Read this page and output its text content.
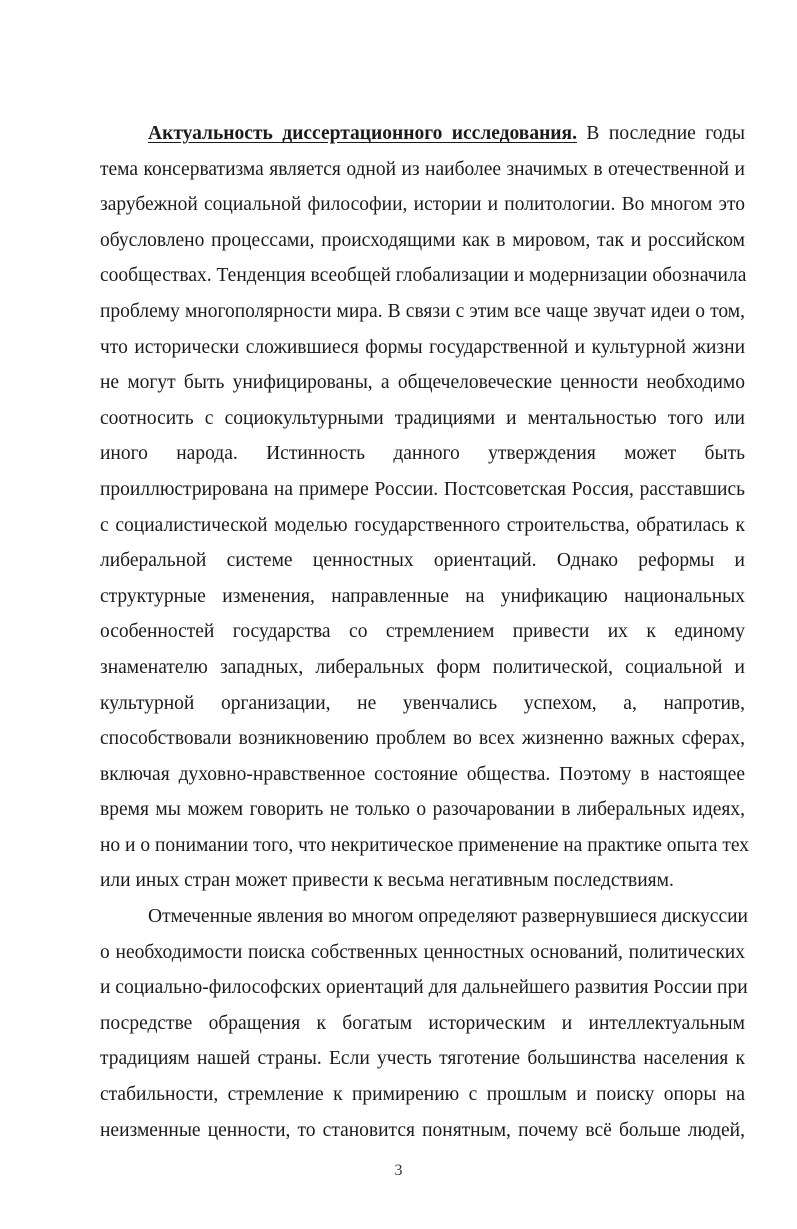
Актуальность диссертационного исследования. В последние годы
тема консерватизма является одной из наиболее значимых в отечественной и
зарубежной социальной философии, истории и политологии. Во многом это
обусловлено процессами, происходящими как в мировом, так и российском
сообществах. Тенденция всеобщей глобализации и модернизации обозначила
проблему многополярности мира. В связи с этим все чаще звучат идеи о том,
что исторически сложившиеся формы государственной и культурной жизни
не могут быть унифицированы, а общечеловеческие ценности необходимо
соотносить с социокультурными традициями и ментальностью того или
иного народа. Истинность данного утверждения может быть
проиллюстрирована на примере России. Постсоветская Россия, расставшись
с социалистической моделью государственного строительства, обратилась к
либеральной системе ценностных ориентаций. Однако реформы и
структурные изменения, направленные на унификацию национальных
особенностей государства со стремлением привести их к единому
знаменателю западных, либеральных форм политической, социальной и
культурной организации, не увенчались успехом, а, напротив,
способствовали возникновению проблем во всех жизненно важных сферах,
включая духовно-нравственное состояние общества. Поэтому в настоящее
время мы можем говорить не только о разочаровании в либеральных идеях,
но и о понимании того, что некритическое применение на практике опыта тех
или иных стран может привести к весьма негативным последствиям.
Отмеченные явления во многом определяют развернувшиеся дискуссии
о необходимости поиска собственных ценностных оснований, политических
и социально-философских ориентаций для дальнейшего развития России при
посредстве обращения к богатым историческим и интеллектуальным
традициям нашей страны. Если учесть тяготение большинства населения к
стабильности, стремление к примирению с прошлым и поиску опоры на
неизменные ценности, то становится понятным, почему всё больше людей,
3
